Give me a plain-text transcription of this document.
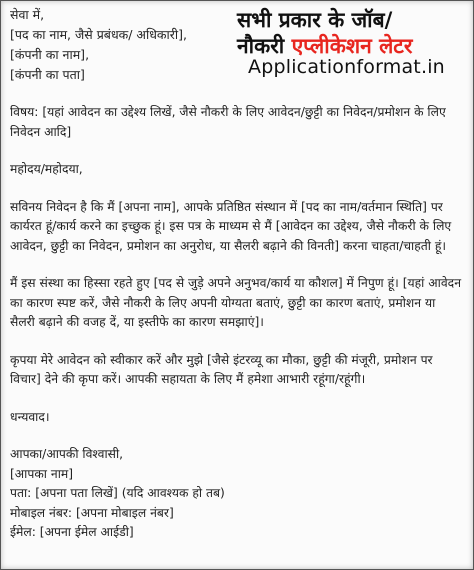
सेवा में,
[पद का नाम, जैसे प्रबंधक/ अधिकारी],
[कंपनी का नाम],
[कंपनी का पता]
सभी प्रकार के जॉब/
नौकरी एप्लीकेशन लेटर
Applicationformat.in

विषय: [यहां आवेदन का उद्देश्य लिखें, जैसे नौकरी के लिए आवेदन/छुट्टी का निवेदन/प्रमोशन के लिए निवेदन आदि]

महोदय/महोदया,

सविनय निवेदन है कि मैं [अपना नाम], आपके प्रतिष्ठित संस्थान में [पद का नाम/वर्तमान स्थिति] पर कार्यरत हूं/कार्य करने का इच्छुक हूं। इस पत्र के माध्यम से मैं [आवेदन का उद्देश्य, जैसे नौकरी के लिए आवेदन, छुट्टी का निवेदन, प्रमोशन का अनुरोध, या सैलरी बढ़ाने की विनती] करना चाहता/चाहती हूं।

मैं इस संस्था का हिस्सा रहते हुए [पद से जुड़े अपने अनुभव/कार्य या कौशल] में निपुण हूं। [यहां आवेदन का कारण स्पष्ट करें, जैसे नौकरी के लिए अपनी योग्यता बताएं, छुट्टी का कारण बताएं, प्रमोशन या सैलरी बढ़ाने की वजह दें, या इस्तीफे का कारण समझाएं]।

कृपया मेरे आवेदन को स्वीकार करें और मुझे [जैसे इंटरव्यू का मौका, छुट्टी की मंजूरी, प्रमोशन पर विचार] देने की कृपा करें। आपकी सहायता के लिए मैं हमेशा आभारी रहूंगा/रहूंगी।

धन्यवाद।

आपका/आपकी विश्वासी,
[आपका नाम]
पता: [अपना पता लिखें] (यदि आवश्यक हो तब)
मोबाइल नंबर: [अपना मोबाइल नंबर]
ईमेल: [अपना ईमेल आईडी]
